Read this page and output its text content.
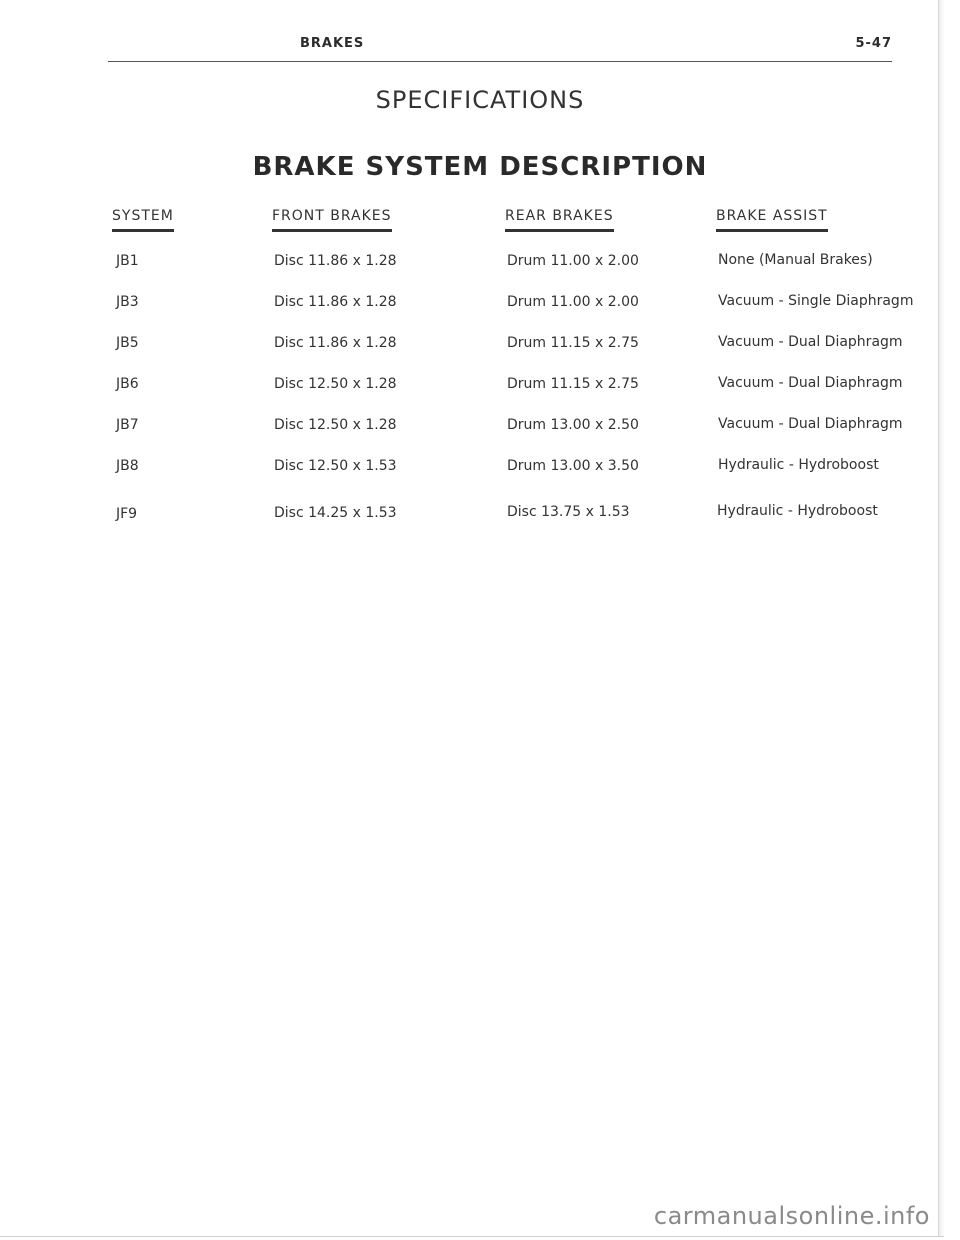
BRAKES	5-47
SPECIFICATIONS
BRAKE SYSTEM DESCRIPTION
SYSTEM	FRONT BRAKES	REAR BRAKES	BRAKE ASSIST
JB1	Disc 11.86 x 1.28	Drum 11.00 x 2.00	None (Manual Brakes)
JB3	Disc 11.86 x 1.28	Drum 11.00 x 2.00	Vacuum - Single Diaphragm
JB5	Disc 11.86 x 1.28	Drum 11.15 x 2.75	Vacuum - Dual Diaphragm
JB6	Disc 12.50 x 1.28	Drum 11.15 x 2.75	Vacuum - Dual Diaphragm
JB7	Disc 12.50 x 1.28	Drum 13.00 x 2.50	Vacuum - Dual Diaphragm
JB8	Disc 12.50 x 1.53	Drum 13.00 x 3.50	Hydraulic - Hydroboost
JF9	Disc 14.25 x 1.53	Disc 13.75 x 1.53	Hydraulic - Hydroboost
carmanualsonline.info
